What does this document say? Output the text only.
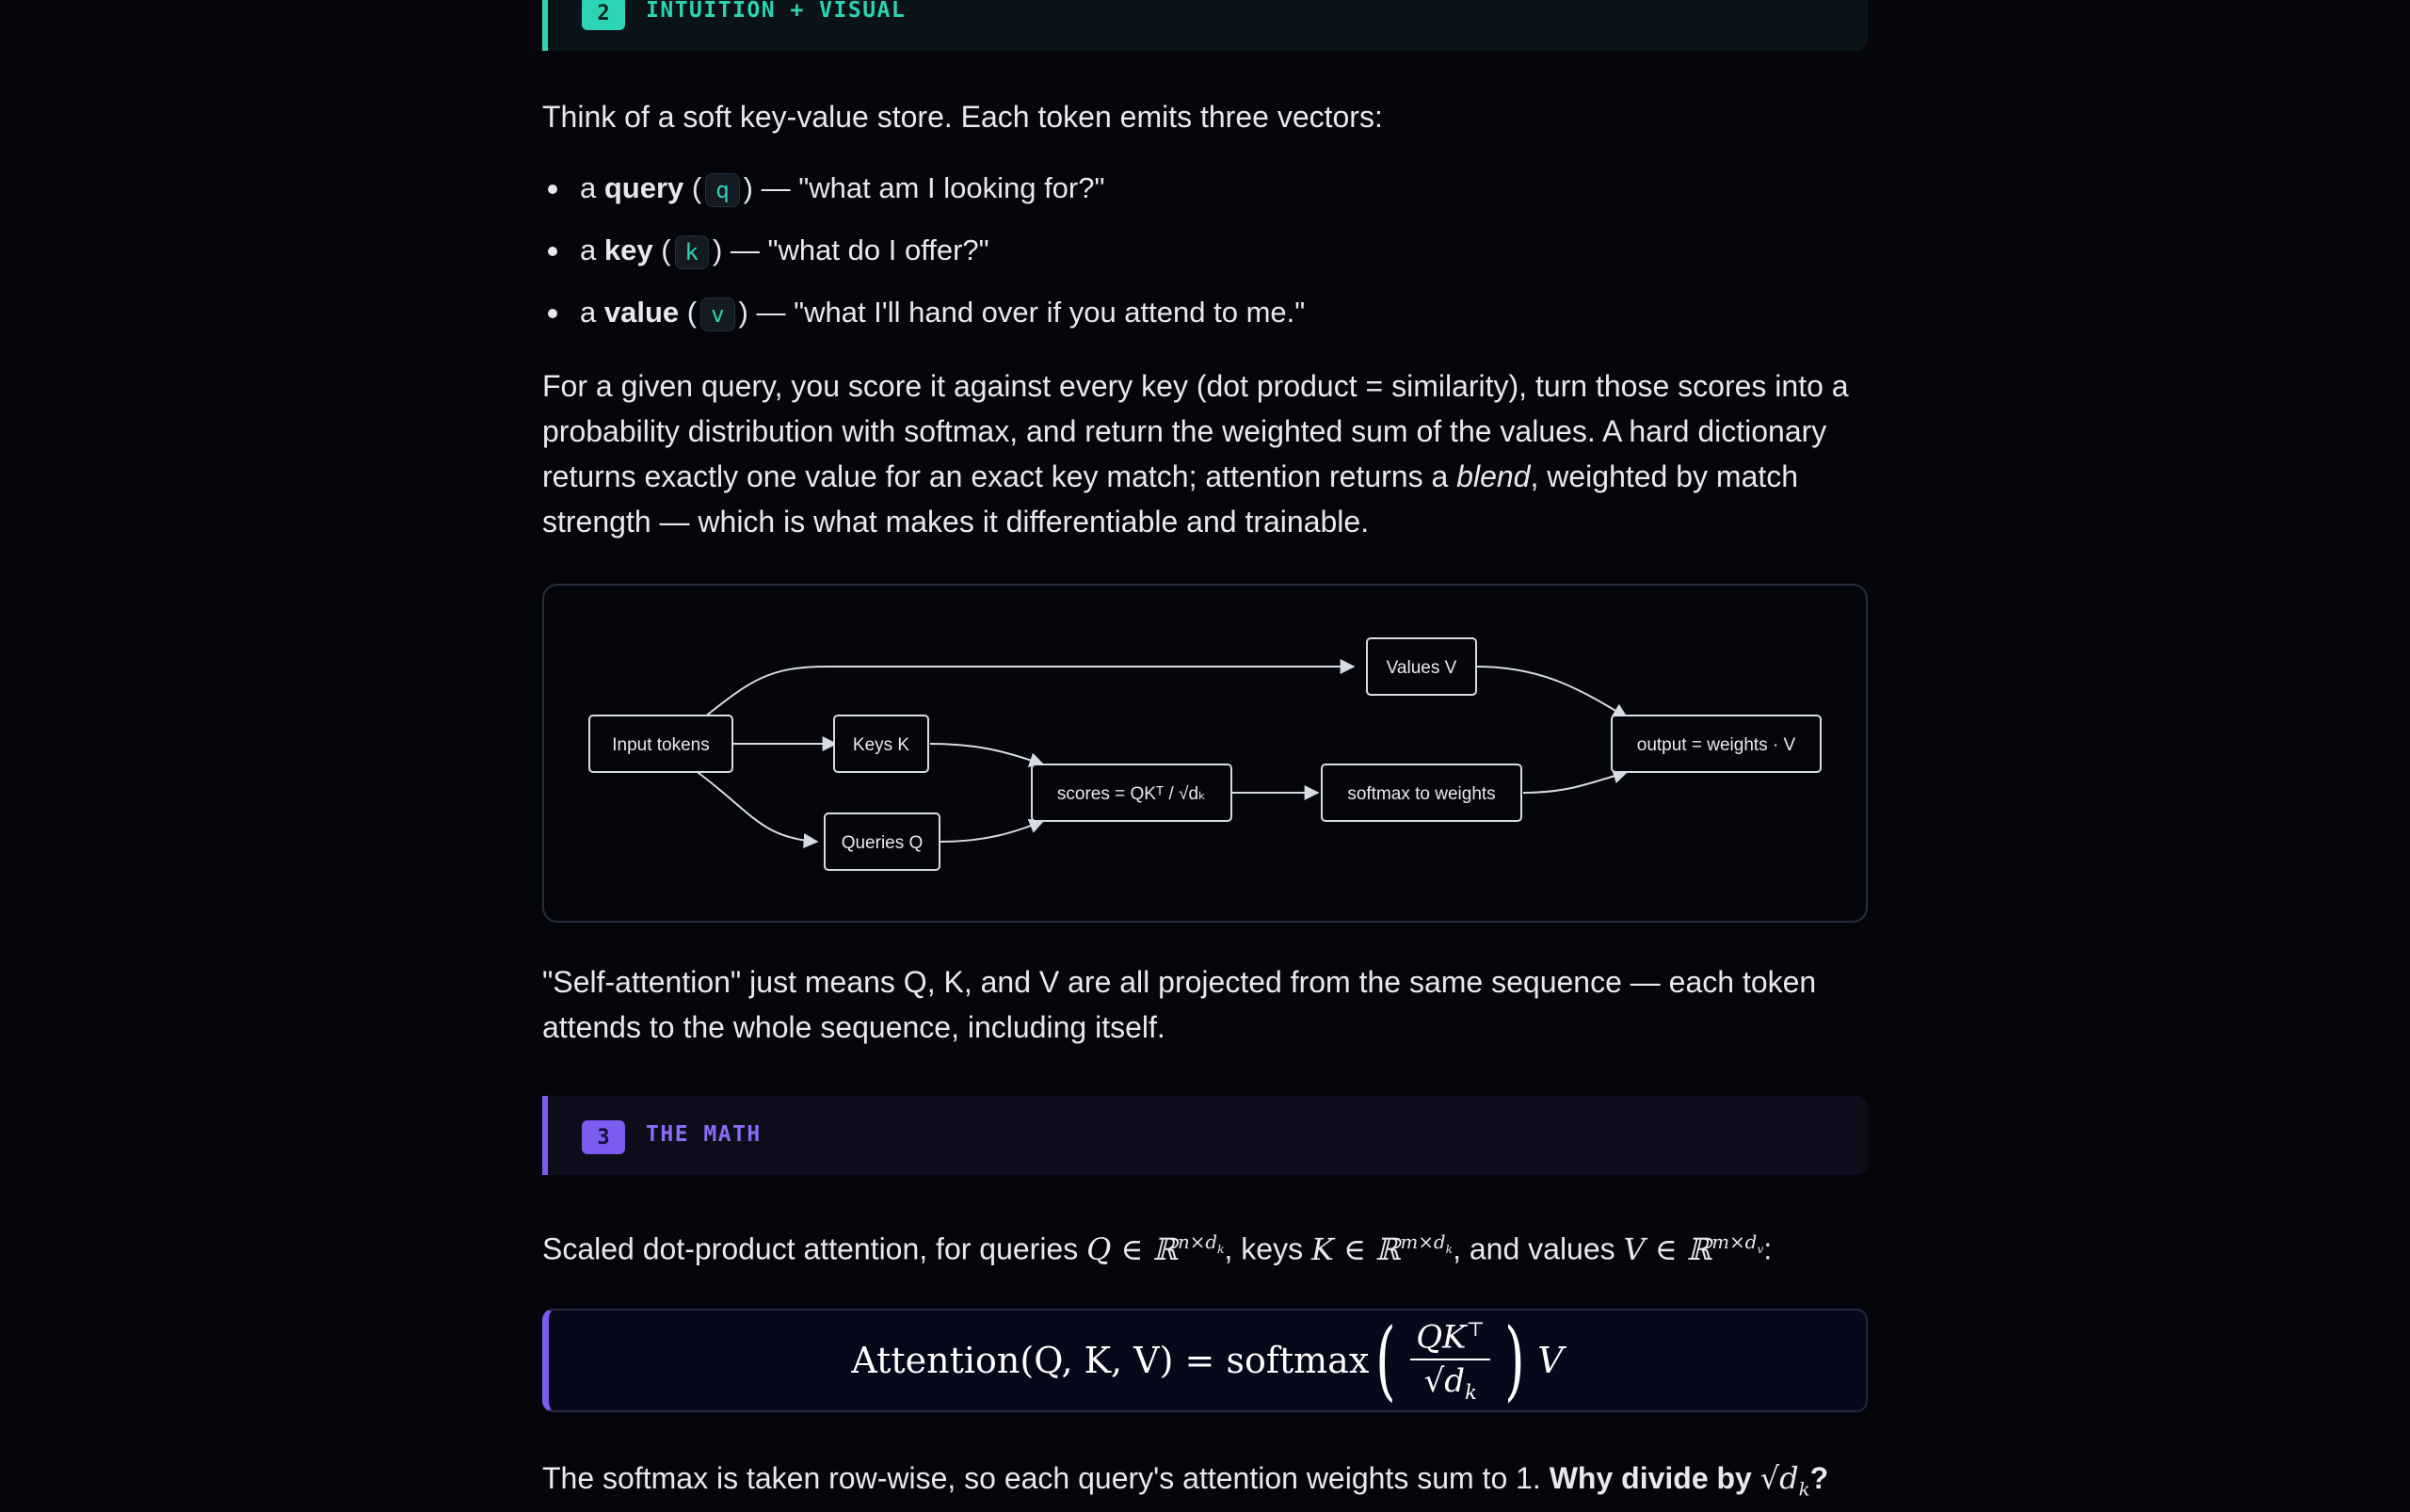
2	INTUITION + VISUAL

Think of a soft key-value store. Each token emits three vectors:

a query ( q ) — "what am I looking for?"
a key ( k ) — "what do I offer?"
a value ( v ) — "what I'll hand over if you attend to me."

For a given query, you score it against every key (dot product = similarity), turn those scores into a probability distribution with softmax, and return the weighted sum of the values. A hard dictionary returns exactly one value for an exact key match; attention returns a blend, weighted by match strength — which is what makes it differentiable and trainable.

Input tokens	Keys K
Queries Q
scores = QKᵀ / √dₖ	softmax to weights
Values V
output = weights · V

"Self-attention" just means Q, K, and V are all projected from the same sequence — each token attends to the whole sequence, including itself.

3	THE MATH

Scaled dot-product attention, for queries Q ∈ ℝ$^{n\times d_k}$, keys K ∈ ℝ$^{m\times d_k}$, and values V ∈ ℝ$^{m\times d_v}$:

Attention(Q, K, V) = softmax ( $\frac{QK^⊤}{√d_k}$ ) V

The softmax is taken row-wise, so each query's attention weights sum to 1. Why divide by $√d_k$?
